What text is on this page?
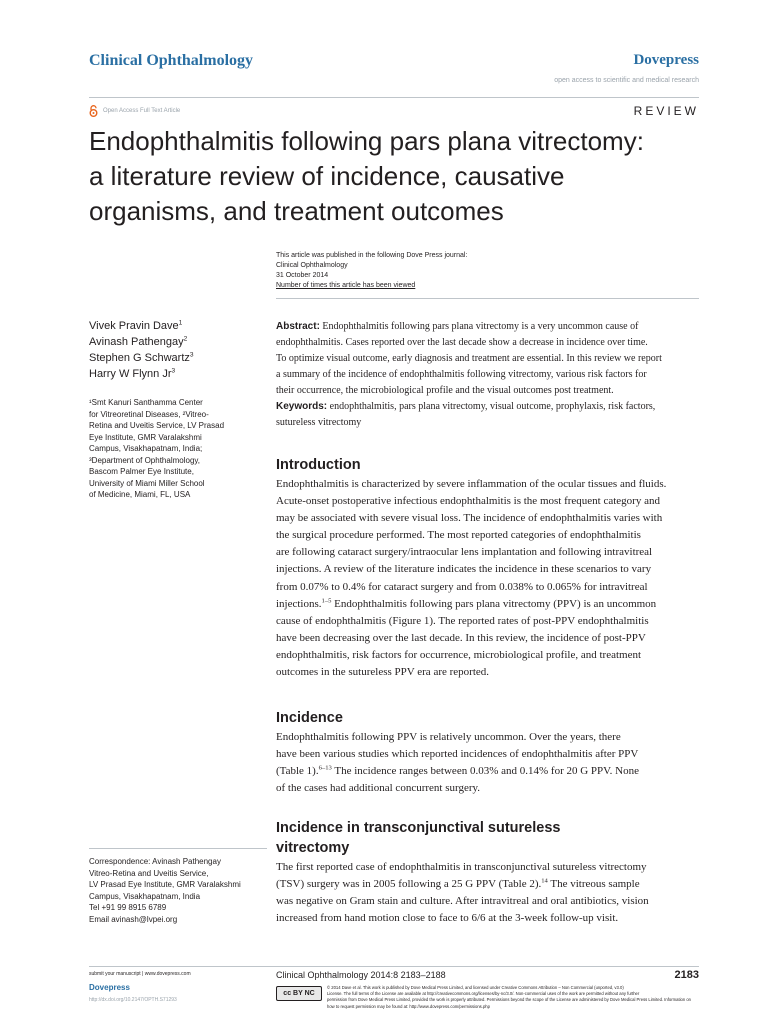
Clinical Ophthalmology	Dovepress
open access to scientific and medical research
Open Access Full Text Article	REVIEW
Endophthalmitis following pars plana vitrectomy:
a literature review of incidence, causative
organisms, and treatment outcomes
This article was published in the following Dove Press journal:
Clinical Ophthalmology
31 October 2014
Number of times this article has been viewed
Vivek Pravin Dave$^1$
Avinash Pathengay$^2$
Stephen G Schwartz$^3$
Harry W Flynn Jr$^3$
¹Smt Kanuri Santhamma Center
for Vitreoretinal Diseases, ²Vitreo-
Retina and Uveitis Service, LV Prasad
Eye Institute, GMR Varalakshmi
Campus, Visakhapatnam, India;
³Department of Ophthalmology,
Bascom Palmer Eye Institute,
University of Miami Miller School
of Medicine, Miami, FL, USA
Abstract: Endophthalmitis following pars plana vitrectomy is a very uncommon cause of
endophthalmitis. Cases reported over the last decade show a decrease in incidence over time.
To optimize visual outcome, early diagnosis and treatment are essential. In this review we report
a summary of the incidence of endophthalmitis following vitrectomy, various risk factors for
their occurrence, the microbiological profile and the visual outcomes post treatment.
Keywords: endophthalmitis, pars plana vitrectomy, visual outcome, prophylaxis, risk factors,
sutureless vitrectomy
Introduction
Endophthalmitis is characterized by severe inflammation of the ocular tissues and fluids.
Acute-onset postoperative infectious endophthalmitis is the most frequent category and
may be associated with severe visual loss. The incidence of endophthalmitis varies with
the surgical procedure performed. The most reported categories of endophthalmitis
are following cataract surgery/intraocular lens implantation and following intravitreal
injections. A review of the literature indicates the incidence in these scenarios to vary
from 0.07% to 0.4% for cataract surgery and from 0.038% to 0.065% for intravitreal
injections.$^{1-5}$ Endophthalmitis following pars plana vitrectomy (PPV) is an uncommon
cause of endophthalmitis (Figure 1). The reported rates of post-PPV endophthalmitis
have been decreasing over the last decade. In this review, the incidence of post-PPV
endophthalmitis, risk factors for occurrence, microbiological profile, and treatment
outcomes in the sutureless PPV era are reported.
Incidence
Endophthalmitis following PPV is relatively uncommon. Over the years, there
have been various studies which reported incidences of endophthalmitis after PPV
(Table 1).$^{6-13}$ The incidence ranges between 0.03% and 0.14% for 20 G PPV. None
of the cases had additional concurrent surgery.
Incidence in transconjunctival sutureless
vitrectomy
The first reported case of endophthalmitis in transconjunctival sutureless vitrectomy
(TSV) surgery was in 2005 following a 25 G PPV (Table 2).$^{14}$ The vitreous sample
was negative on Gram stain and culture. After intravitreal and oral antibiotics, vision
increased from hand motion close to face to 6/6 at the 3-week follow-up visit.
Correspondence: Avinash Pathengay
Vitreo-Retina and Uveitis Service,
LV Prasad Eye Institute, GMR Varalakshmi
Campus, Visakhapatnam, India
Tel +91 99 8915 6789
Email avinash@lvpei.org
submit your manuscript | www.dovepress.com
Dovepress
http://dx.doi.org/10.2147/OPTH.S71293
Clinical Ophthalmology 2014:8 2183–2188	2183
cc BY NC
© 2014 Dave et al. This work is published by Dove Medical Press Limited, and licensed under Creative Commons Attribution – Non Commercial (unported, v3.0)
License. The full terms of the License are available at http://creativecommons.org/licenses/by-nc/3.0/. Non-commercial uses of the work are permitted without any further
permission from Dove Medical Press Limited, provided the work is properly attributed. Permissions beyond the scope of the License are administered by Dove Medical Press Limited. Information on
how to request permission may be found at: http://www.dovepress.com/permissions.php
